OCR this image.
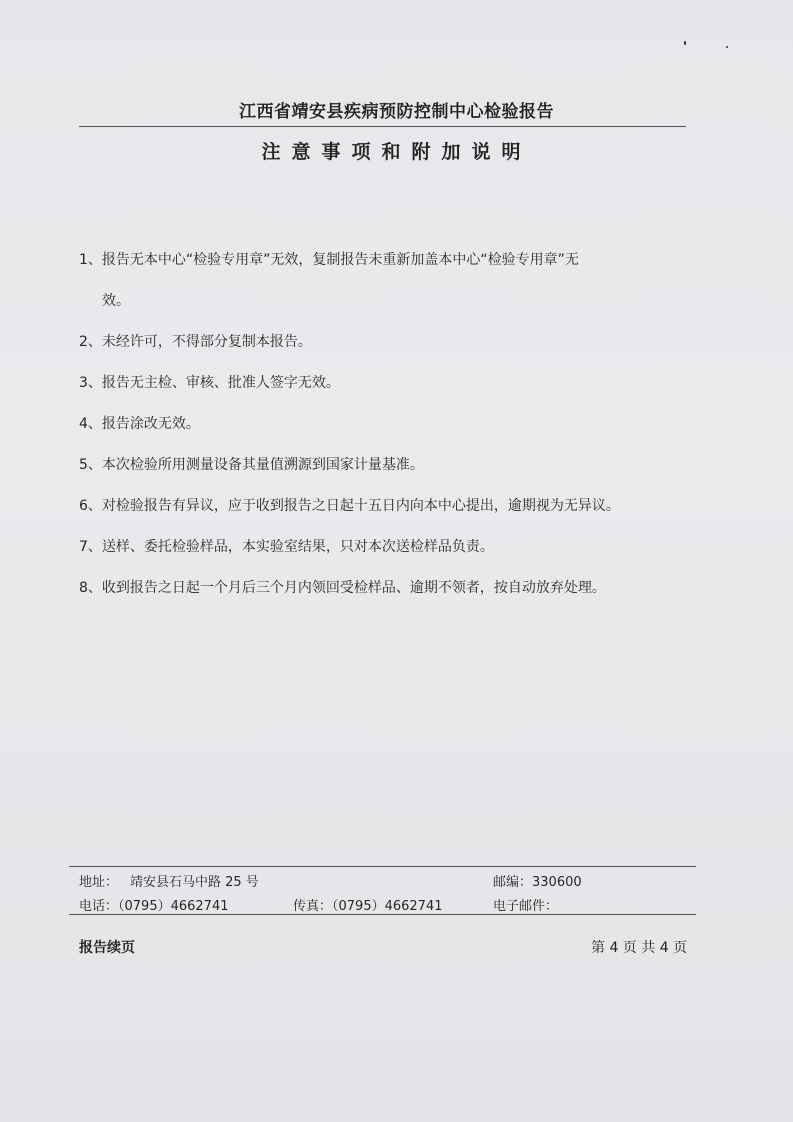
江西省靖安县疾病预防控制中心检验报告
注意事项和附加说明
1、报告无本中心“检验专用章”无效，复制报告未重新加盖本中心“检验专用章”无
效。
2、未经许可，不得部分复制本报告。
3、报告无主检、审核、批准人签字无效。
4、报告涂改无效。
5、本次检验所用测量设备其量值溯源到国家计量基准。
6、对检验报告有异议，应于收到报告之日起十五日内向本中心提出，逾期视为无异议。
7、送样、委托检验样品，本实验室结果，只对本次送检样品负责。
8、收到报告之日起一个月后三个月内领回受检样品、逾期不领者，按自动放弃处理。
地址： 靖安县石马中路 25 号	邮编：330600
电话：（0795）4662741	传真：（0795）4662741	电子邮件：
报告续页	第 4 页 共 4 页
